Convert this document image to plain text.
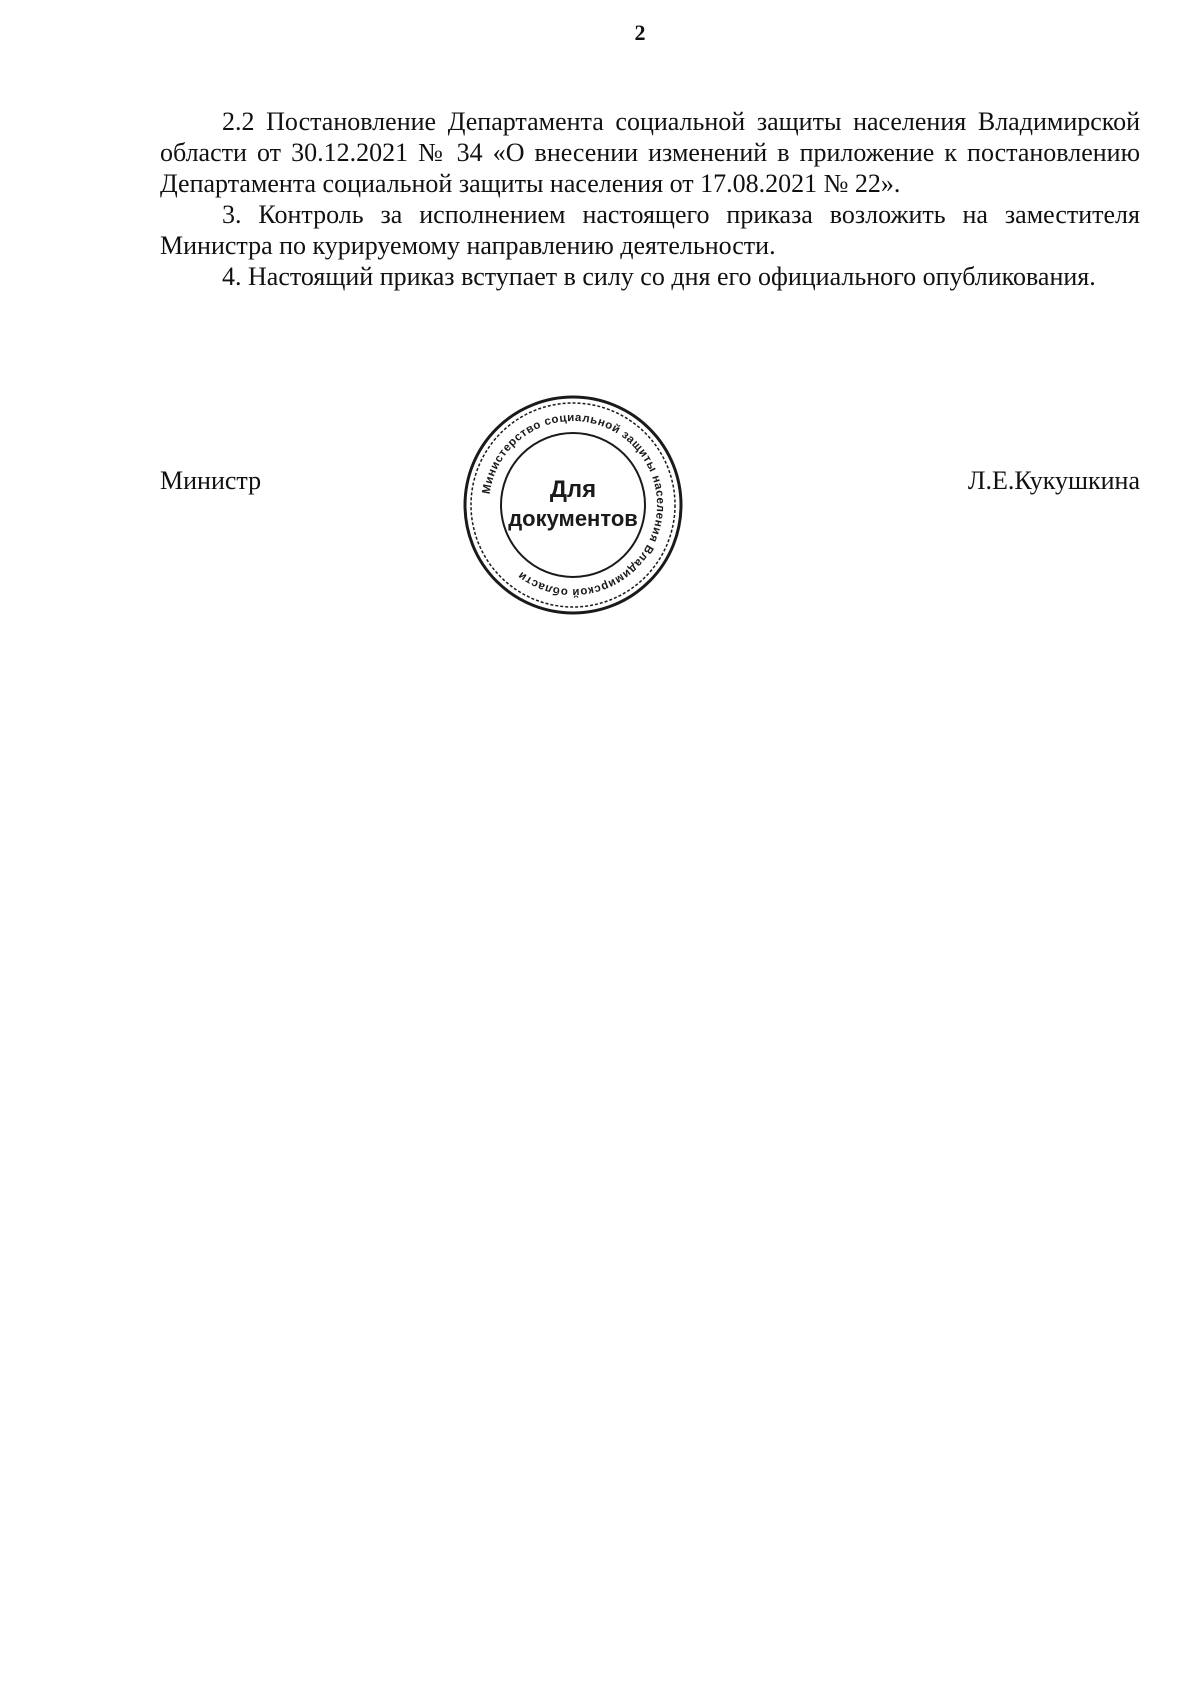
2

2.2 Постановление Департамента социальной защиты населения Владимирской области от 30.12.2021 № 34 «О внесении изменений в приложение к постановлению Департамента социальной защиты населения от 17.08.2021 № 22».

3. Контроль за исполнением настоящего приказа возложить на заместителя Министра по курируемому направлению деятельности.

4. Настоящий приказ вступает в силу со дня его официального опубликования.

Министр	Л.Е.Кукушкина
Министерство социальной защиты населения Владимирской области
Для
документов
